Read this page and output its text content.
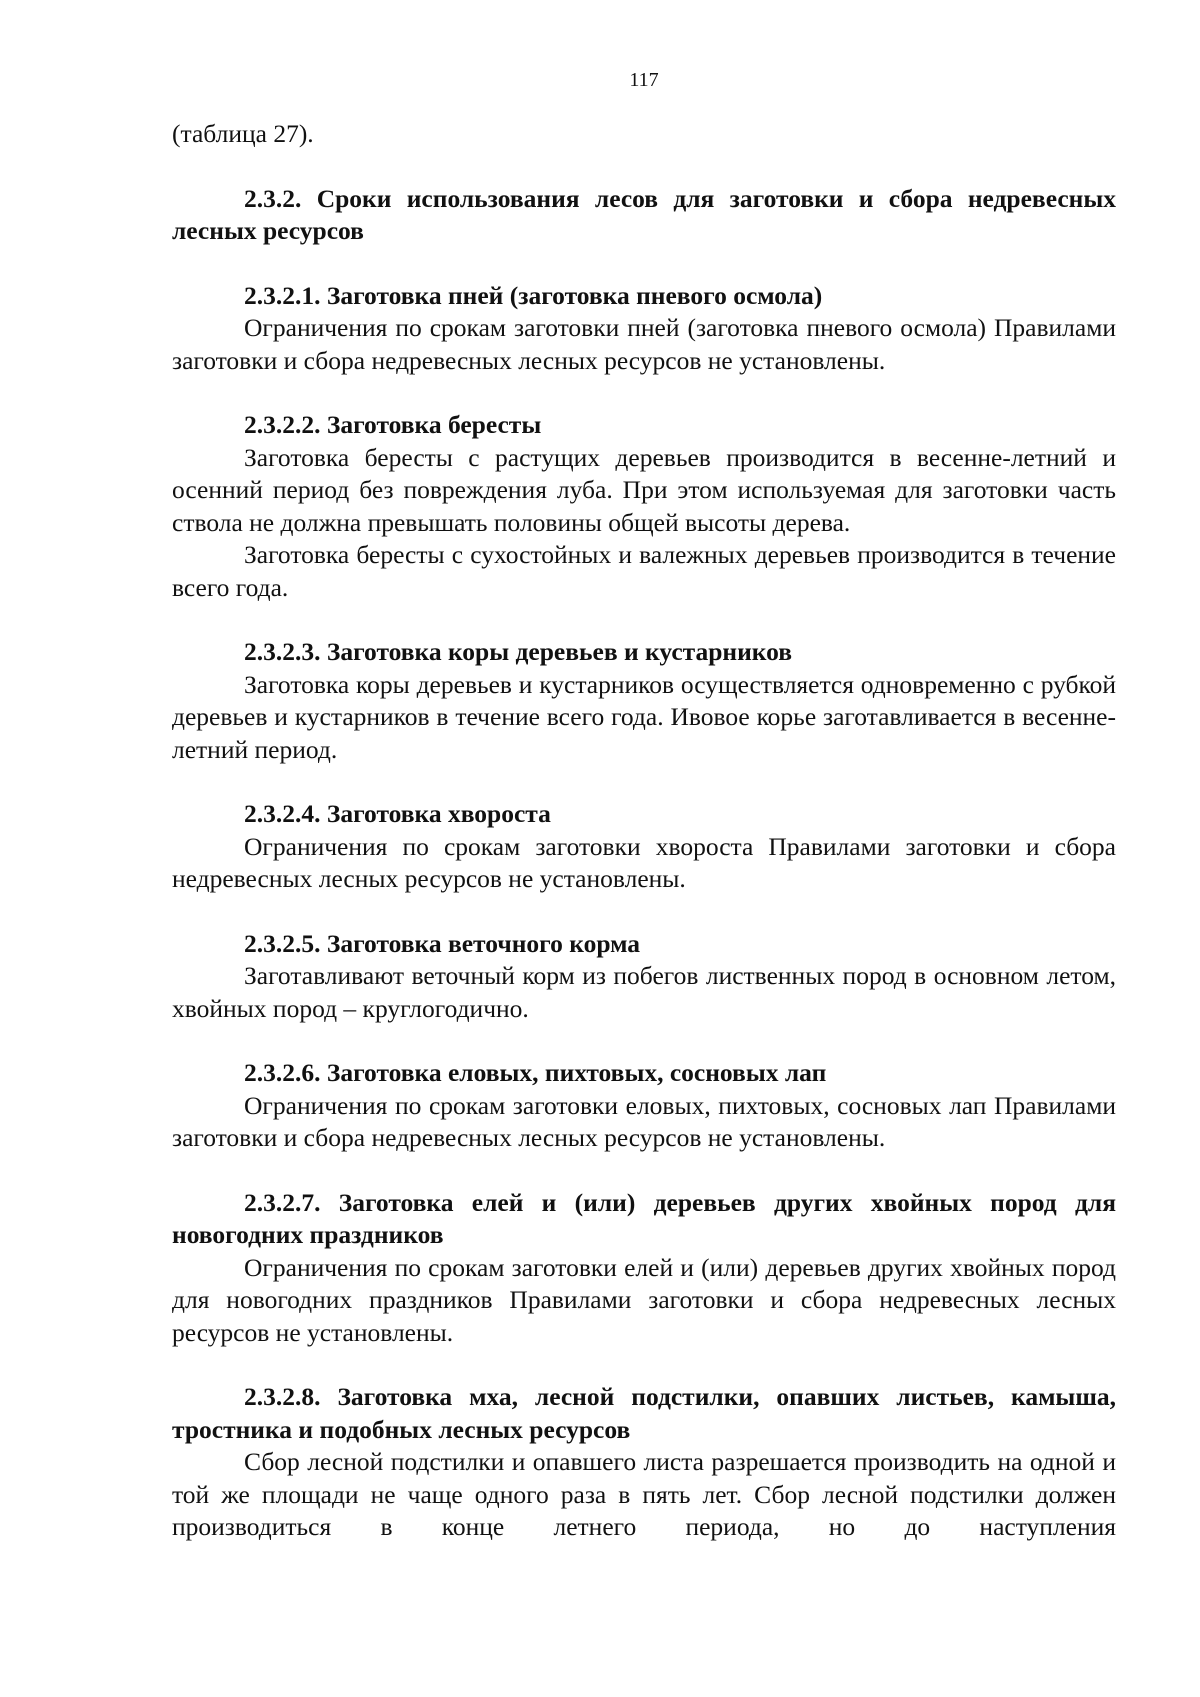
117

(таблица 27).

2.3.2. Сроки использования лесов для заготовки и сбора недревесных лесных ресурсов
2.3.2.1. Заготовка пней (заготовка пневого осмола)

Ограничения по срокам заготовки пней (заготовка пневого осмола) Правилами заготовки и сбора недревесных лесных ресурсов не установлены.

2.3.2.2. Заготовка бересты

Заготовка бересты с растущих деревьев производится в весенне-летний и осенний период без повреждения луба. При этом используемая для заготовки часть ствола не должна превышать половины общей высоты дерева.

Заготовка бересты с сухостойных и валежных деревьев производится в течение всего года.

2.3.2.3. Заготовка коры деревьев и кустарников

Заготовка коры деревьев и кустарников осуществляется одновременно с рубкой деревьев и кустарников в течение всего года. Ивовое корье заготавливается в весенне-летний период.

2.3.2.4. Заготовка хвороста

Ограничения по срокам заготовки хвороста Правилами заготовки и сбора недревесных лесных ресурсов не установлены.

2.3.2.5. Заготовка веточного корма

Заготавливают веточный корм из побегов лиственных пород в основном летом, хвойных пород – круглогодично.

2.3.2.6. Заготовка еловых, пихтовых, сосновых лап

Ограничения по срокам заготовки еловых, пихтовых, сосновых лап Правилами заготовки и сбора недревесных лесных ресурсов не установлены.

2.3.2.7. Заготовка елей и (или) деревьев других хвойных пород для новогодних праздников

Ограничения по срокам заготовки елей и (или) деревьев других хвойных пород для новогодних праздников Правилами заготовки и сбора недревесных лесных ресурсов не установлены.

2.3.2.8. Заготовка мха, лесной подстилки, опавших листьев, камыша, тростника и подобных лесных ресурсов

Сбор лесной подстилки и опавшего листа разрешается производить на одной и той же площади не чаще одного раза в пять лет. Сбор лесной подстилки должен производиться в конце летнего периода, но до наступления
